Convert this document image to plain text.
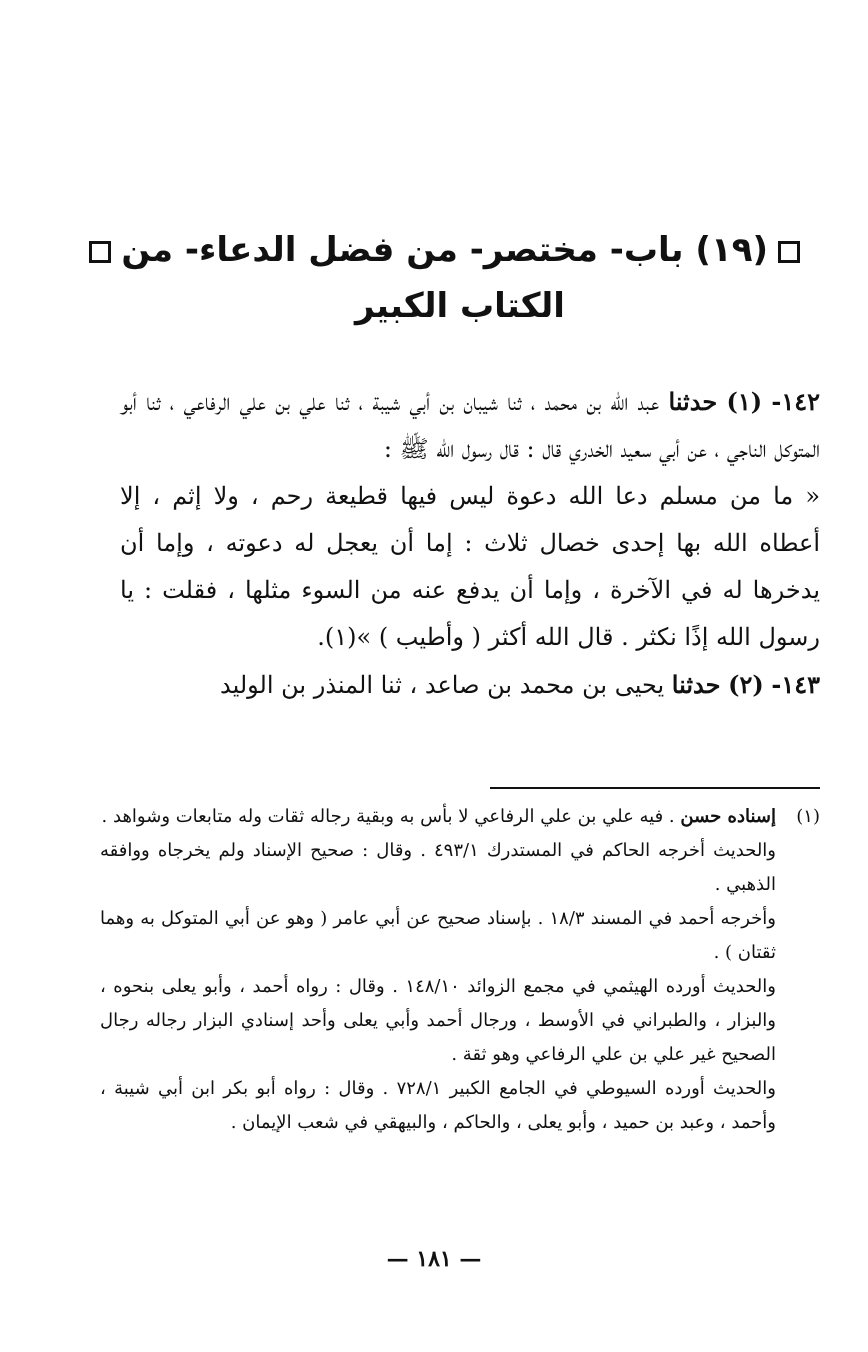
(١٩) باب- مختصر- من فضل الدعاء- من
الكتاب الكبير

١٤٢- (١) حدثنا عبد الله بن محمد ، ثنا شيبان بن أبي شيبة ، ثنا علي بن علي الرفاعي ، ثنا أبو المتوكل الناجي ، عن أبي سعيد الخدري قال : قال رسول الله ﷺ :

« ما من مسلم دعا الله دعوة ليس فيها قطيعة رحم ، ولا إثم ، إلا أعطاه الله بها إحدى خصال ثلاث : إما أن يعجل له دعوته ، وإما أن يدخرها له في الآخرة ، وإما أن يدفع عنه من السوء مثلها ، فقلت : يا رسول الله إذًا نكثر . قال الله أكثر ( وأطيب ) »(١).

١٤٣- (٢) حدثنا يحيى بن محمد بن صاعد ، ثنا المنذر بن الوليد

(١)
إسناده حسن . فيه علي بن علي الرفاعي لا بأس به وبقية رجاله ثقات وله متابعات وشواهد .

والحديث أخرجه الحاكم في المستدرك ٤٩٣/١ . وقال : صحيح الإسناد ولم يخرجاه ووافقه الذهبي .

وأخرجه أحمد في المسند ١٨/٣ . بإسناد صحيح عن أبي عامر ( وهو عن أبي المتوكل به وهما ثقتان ) .

والحديث أورده الهيثمي في مجمع الزوائد ١٤٨/١٠ . وقال : رواه أحمد ، وأبو يعلى بنحوه ، والبزار ، والطبراني في الأوسط ، ورجال أحمد وأبي يعلى وأحد إسنادي البزار رجاله رجال الصحيح غير علي بن علي الرفاعي وهو ثقة .

والحديث أورده السيوطي في الجامع الكبير ٧٢٨/١ . وقال : رواه أبو بكر ابن أبي شيبة ، وأحمد ، وعبد بن حميد ، وأبو يعلى ، والحاكم ، والبيهقي في شعب الإيمان .

— ١٨١ —
